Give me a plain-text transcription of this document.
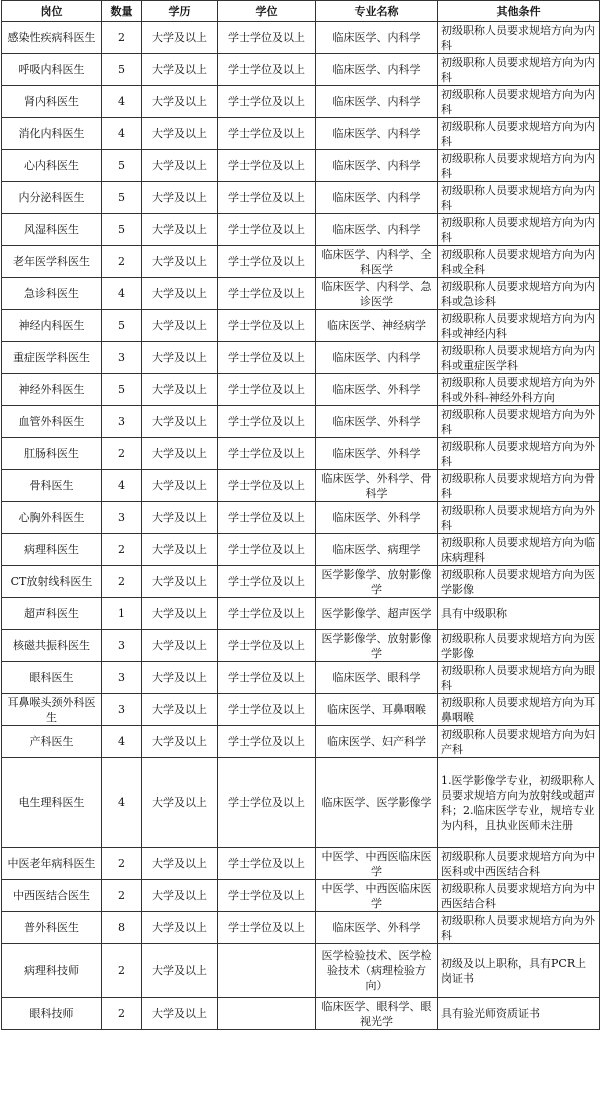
岗位	数量	学历	学位	专业名称	其他条件
感染性疾病科医生	2	大学及以上	学士学位及以上	临床医学、内科学	初级职称人员要求规培方向为内科
呼吸内科医生	5	大学及以上	学士学位及以上	临床医学、内科学	初级职称人员要求规培方向为内科
肾内科医生	4	大学及以上	学士学位及以上	临床医学、内科学	初级职称人员要求规培方向为内科
消化内科医生	4	大学及以上	学士学位及以上	临床医学、内科学	初级职称人员要求规培方向为内科
心内科医生	5	大学及以上	学士学位及以上	临床医学、内科学	初级职称人员要求规培方向为内科
内分泌科医生	5	大学及以上	学士学位及以上	临床医学、内科学	初级职称人员要求规培方向为内科
风湿科医生	5	大学及以上	学士学位及以上	临床医学、内科学	初级职称人员要求规培方向为内科
老年医学科医生	2	大学及以上	学士学位及以上	临床医学、内科学、全科医学	初级职称人员要求规培方向为内科或全科
急诊科医生	4	大学及以上	学士学位及以上	临床医学、内科学、急诊医学	初级职称人员要求规培方向为内科或急诊科
神经内科医生	5	大学及以上	学士学位及以上	临床医学、神经病学	初级职称人员要求规培方向为内科或神经内科
重症医学科医生	3	大学及以上	学士学位及以上	临床医学、内科学	初级职称人员要求规培方向为内科或重症医学科
神经外科医生	5	大学及以上	学士学位及以上	临床医学、外科学	初级职称人员要求规培方向为外科或外科-神经外科方向
血管外科医生	3	大学及以上	学士学位及以上	临床医学、外科学	初级职称人员要求规培方向为外科
肛肠科医生	2	大学及以上	学士学位及以上	临床医学、外科学	初级职称人员要求规培方向为外科
骨科医生	4	大学及以上	学士学位及以上	临床医学、外科学、骨科学	初级职称人员要求规培方向为骨科
心胸外科医生	3	大学及以上	学士学位及以上	临床医学、外科学	初级职称人员要求规培方向为外科
病理科医生	2	大学及以上	学士学位及以上	临床医学、病理学	初级职称人员要求规培方向为临床病理科
CT放射线科医生	2	大学及以上	学士学位及以上	医学影像学、放射影像学	初级职称人员要求规培方向为医学影像
超声科医生	1	大学及以上	学士学位及以上	医学影像学、超声医学	具有中级职称
核磁共振科医生	3	大学及以上	学士学位及以上	医学影像学、放射影像学	初级职称人员要求规培方向为医学影像
眼科医生	3	大学及以上	学士学位及以上	临床医学、眼科学	初级职称人员要求规培方向为眼科
耳鼻喉头颈外科医生	3	大学及以上	学士学位及以上	临床医学、耳鼻咽喉	初级职称人员要求规培方向为耳鼻咽喉
产科医生	4	大学及以上	学士学位及以上	临床医学、妇产科学	初级职称人员要求规培方向为妇产科
电生理科医生	4	大学及以上	学士学位及以上	临床医学、医学影像学	1.医学影像学专业，初级职称人员要求规培方向为放射线或超声科；2.临床医学专业，规培专业为内科，且执业医师未注册
中医老年病科医生	2	大学及以上	学士学位及以上	中医学、中西医临床医学	初级职称人员要求规培方向为中医科或中西医结合科
中西医结合医生	2	大学及以上	学士学位及以上	中医学、中西医临床医学	初级职称人员要求规培方向为中西医结合科
普外科医生	8	大学及以上	学士学位及以上	临床医学、外科学	初级职称人员要求规培方向为外科
病理科技师	2	大学及以上		医学检验技术、医学检验技术（病理检验方向）	初级及以上职称，具有PCR上岗证书
眼科技师	2	大学及以上		临床医学、眼科学、眼视光学	具有验光师资质证书
